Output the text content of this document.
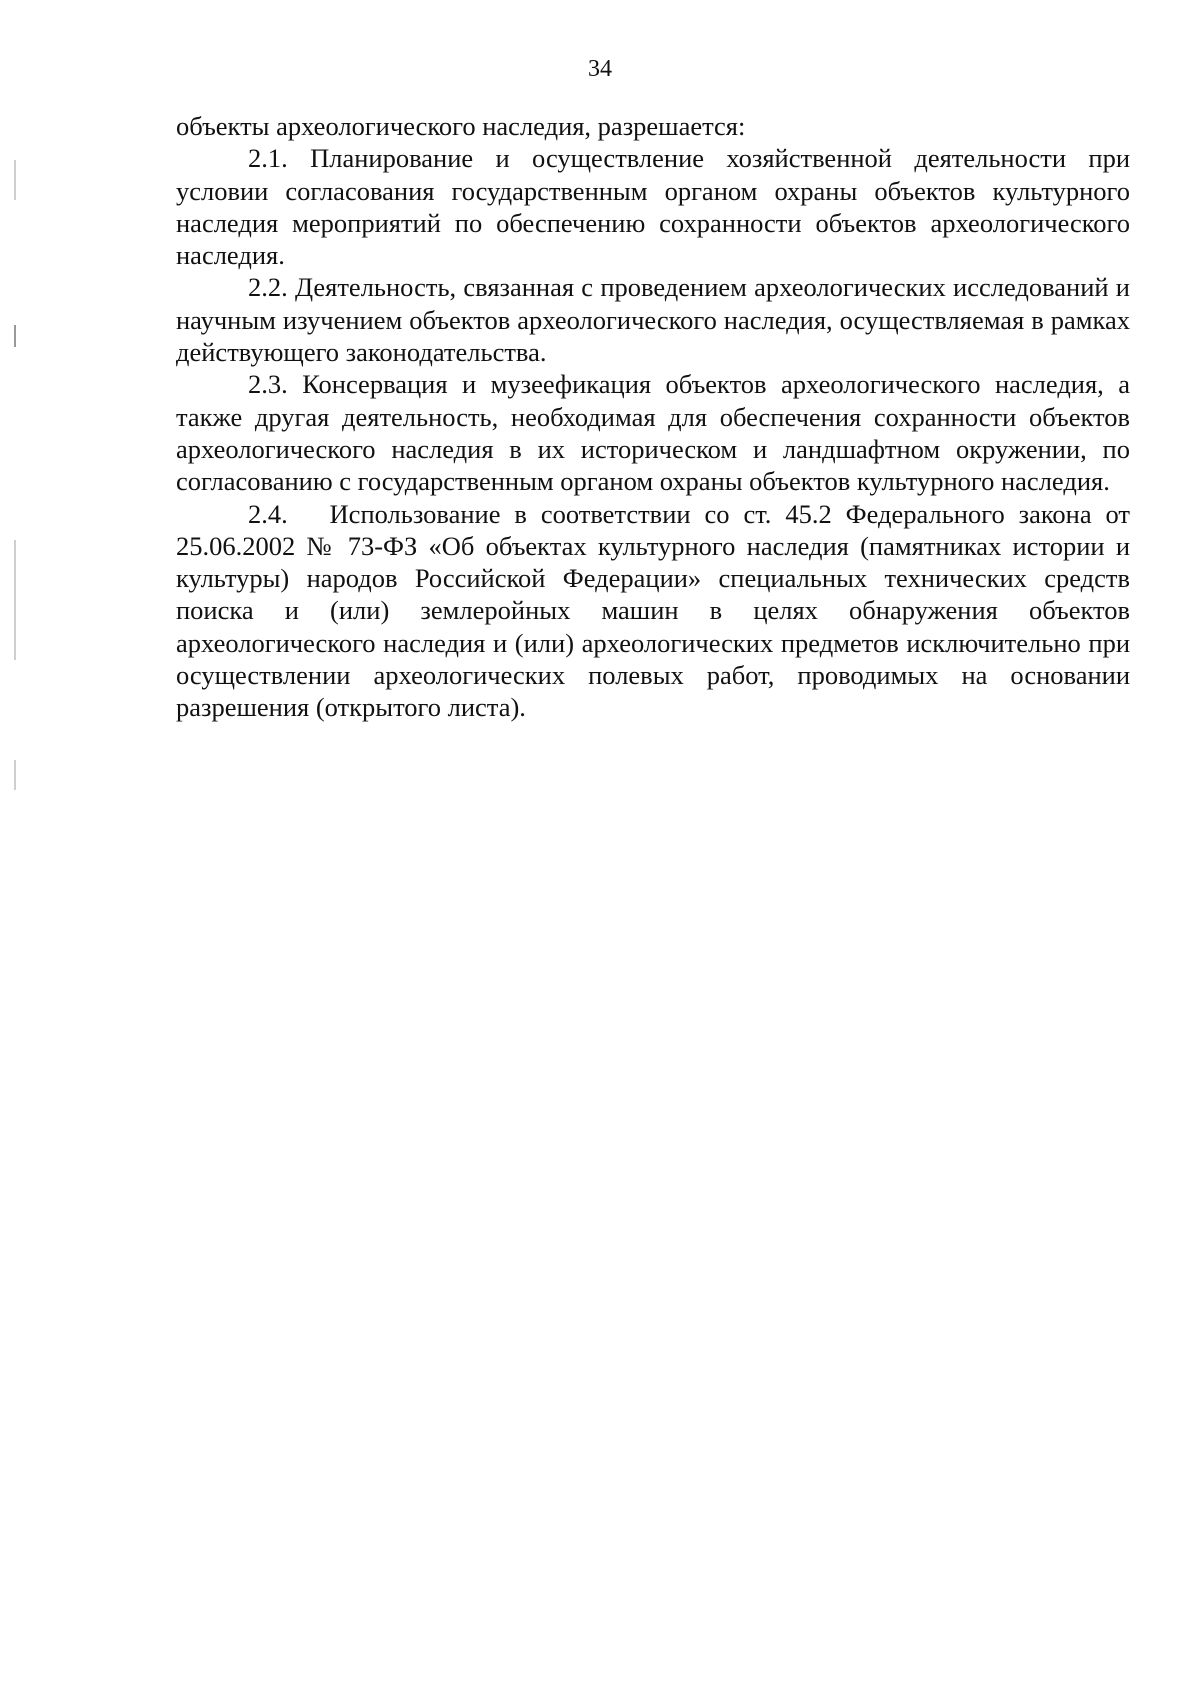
34

объекты археологического наследия, разрешается:

2.1. Планирование и осуществление хозяйственной деятельности при условии согласования государственным органом охраны объектов культурного наследия мероприятий по обеспечению сохранности объектов археологического наследия.

2.2. Деятельность, связанная с проведением археологических исследований и научным изучением объектов археологического наследия, осуществляемая в рамках действующего законодательства.

2.3. Консервация и музеефикация объектов археологического наследия, а также другая деятельность, необходимая для обеспечения сохранности объектов археологического наследия в их историческом и ландшафтном окружении, по согласованию с государственным органом охраны объектов культурного наследия.

2.4. Использование в соответствии со ст. 45.2 Федерального закона от 25.06.2002 № 73-ФЗ «Об объектах культурного наследия (памятниках истории и культуры) народов Российской Федерации» специальных технических средств поиска и (или) землеройных машин в целях обнаружения объектов археологического наследия и (или) археологических предметов исключительно при осуществлении археологических полевых работ, проводимых на основании разрешения (открытого листа).
